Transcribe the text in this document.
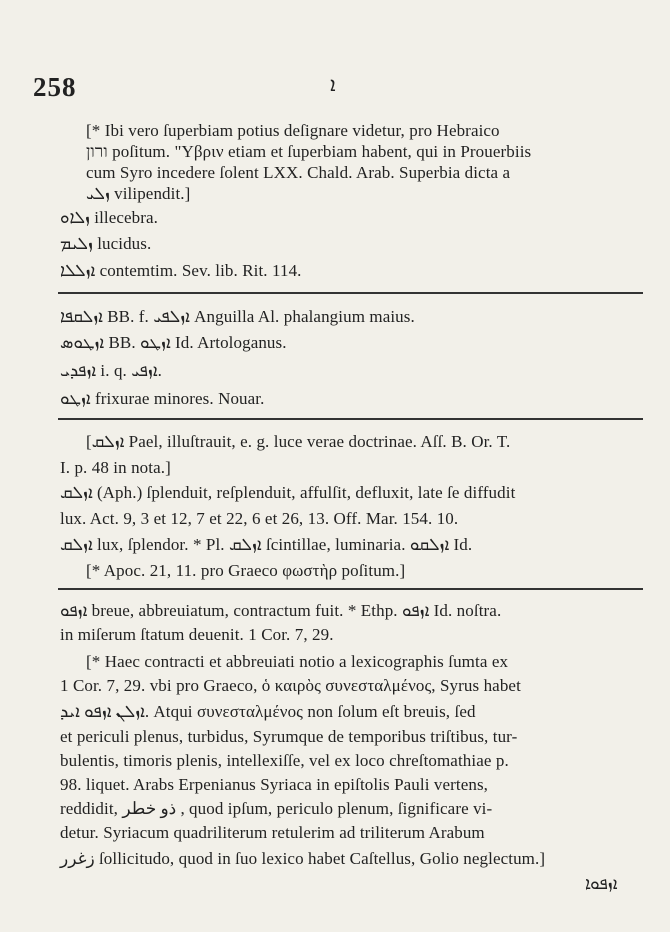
258	ܐ
[* Ibi vero ſuperbiam potius deſignare videtur, pro Hebraico
ורון poſitum. "Υβριν etiam et ſuperbiam habent, qui in Prouerbiis
cum Syro incedere ſolent LXX. Chald. Arab. Superbia dicta a
ܙܠܝ vilipendit.]
ܙܠܐܘ illecebra.
ܙܠܝܡ lucidus.
ܐܙܠܠܐ contemtim. Sev. lib. Rit. 114.
ܐܙܠܩܦܐ BB. f. ܐܙܠܦܝ Anguilla Al. phalangium maius.
ܐܙܛܘܣ BB. ܐܙܛܘ Id. Artologanus.
ܐܙܦܕܝ i. q. ܐܙܦܝ.
ܐܙܛܘ frixurae minores. Nouar.
[ܐܙܠܩ Pael, illuſtrauit, e. g. luce verae doctrinae. Aſſ. B. Or. T.
I. p. 48 in nota.]
ܐܙܠܩ (Aph.) ſplenduit, reſplenduit, affulſit, defluxit, late ſe diffudit
lux. Act. 9, 3 et 12, 7 et 22, 6 et 26, 13. Off. Mar. 154. 10.
ܐܙܠܩ lux, ſplendor. * Pl. ܐܙܠܩ ſcintillae, luminaria. ܐܙܠܩܘ Id.
[* Apoc. 21, 11. pro Graeco φωστὴρ poſitum.]
ܐܙܦܘ breue, abbreuiatum, contractum fuit. * Ethp. ܐܙܦܘ Id. noſtra.
in miſerum ſtatum deuenit. 1 Cor. 7, 29.
[* Haec contracti et abbreuiati notio a lexicographis ſumta ex
1 Cor. 7, 29. vbi pro Graeco, ὁ καιρὸς συνεσταλμένος, Syrus habet
ܐܙܠܢ ܐܙܦܘ ܐܝܕ. Atqui συνεσταλμένος non ſolum eſt breuis, ſed
et periculi plenus, turbidus, Syrumque de temporibus triſtibus, tur-
bulentis, timoris plenis, intellexiſſe, vel ex loco chreſtomathiae p.
98. liquet. Arabs Erpenianus Syriaca in epiſtolis Pauli vertens,
reddidit, ذو خطر , quod ipſum, periculo plenum, ſignificare vi-
detur. Syriacum quadriliterum retulerim ad triliterum Arabum
زغرر ſollicitudo, quod in ſuo lexico habet Caſtellus, Golio neglectum.]
ܐܙܦܘܐ
